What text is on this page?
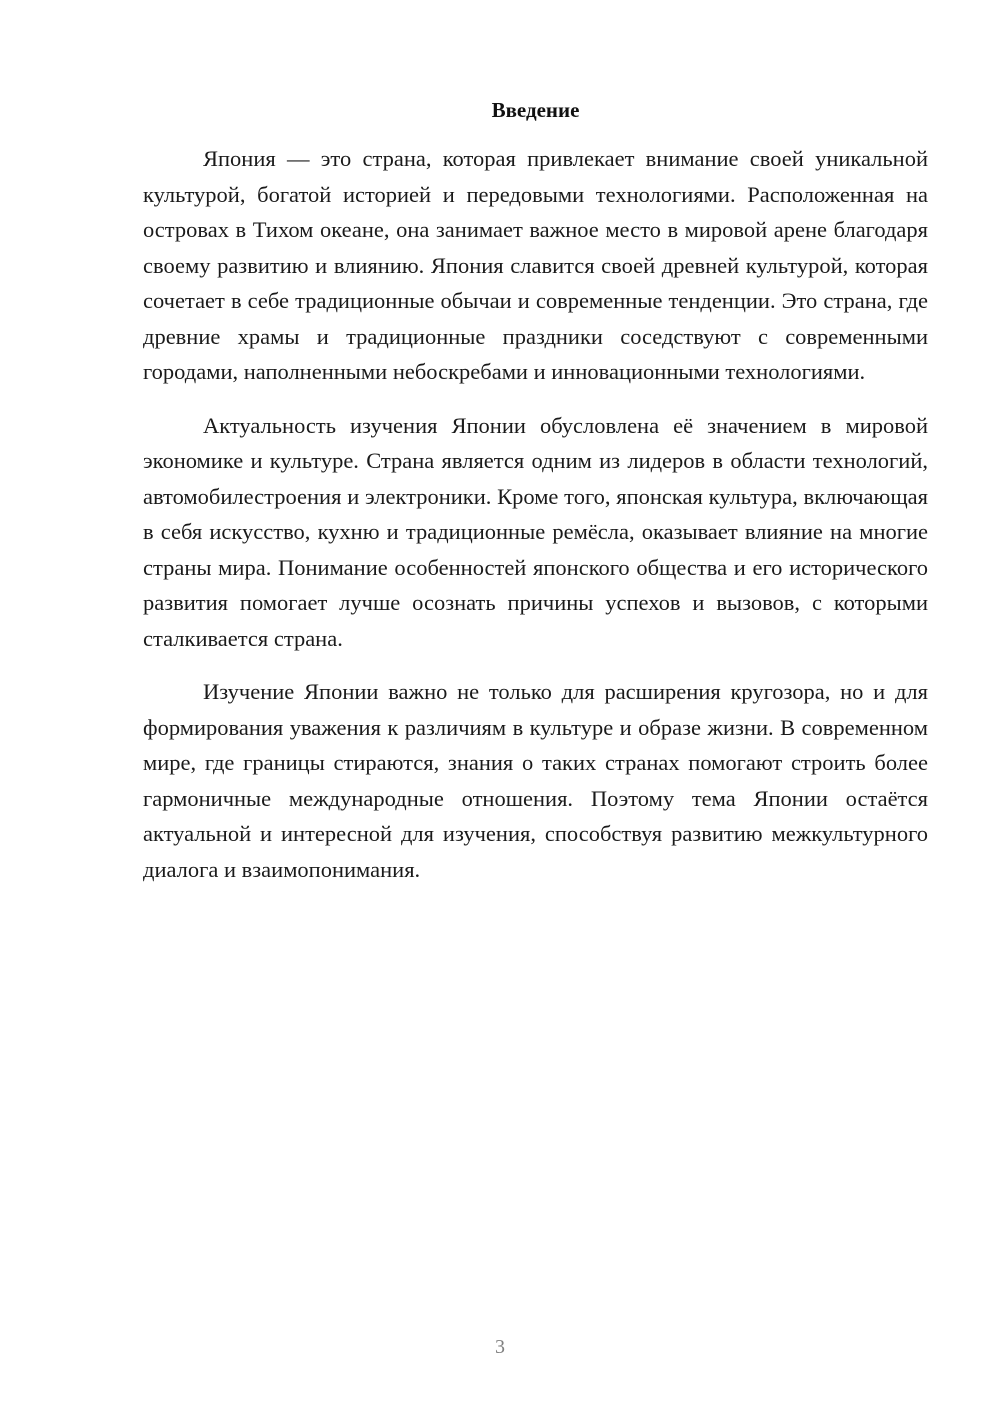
Введение

Япония — это страна, которая привлекает внимание своей уникальной культурой, богатой историей и передовыми технологиями. Расположенная на островах в Тихом океане, она занимает важное место в мировой арене благодаря своему развитию и влиянию. Япония славится своей древней культурой, которая сочетает в себе традиционные обычаи и современные тенденции. Это страна, где древние храмы и традиционные праздники соседствуют с современными городами, наполненными небоскребами и инновационными технологиями.

Актуальность изучения Японии обусловлена её значением в мировой экономике и культуре. Страна является одним из лидеров в области технологий, автомобилестроения и электроники. Кроме того, японская культура, включающая в себя искусство, кухню и традиционные ремёсла, оказывает влияние на многие страны мира. Понимание особенностей японского общества и его исторического развития помогает лучше осознать причины успехов и вызовов, с которыми сталкивается страна.

Изучение Японии важно не только для расширения кругозора, но и для формирования уважения к различиям в культуре и образе жизни. В современном мире, где границы стираются, знания о таких странах помогают строить более гармоничные международные отношения. Поэтому тема Японии остаётся актуальной и интересной для изучения, способствуя развитию межкультурного диалога и взаимопонимания.

3
